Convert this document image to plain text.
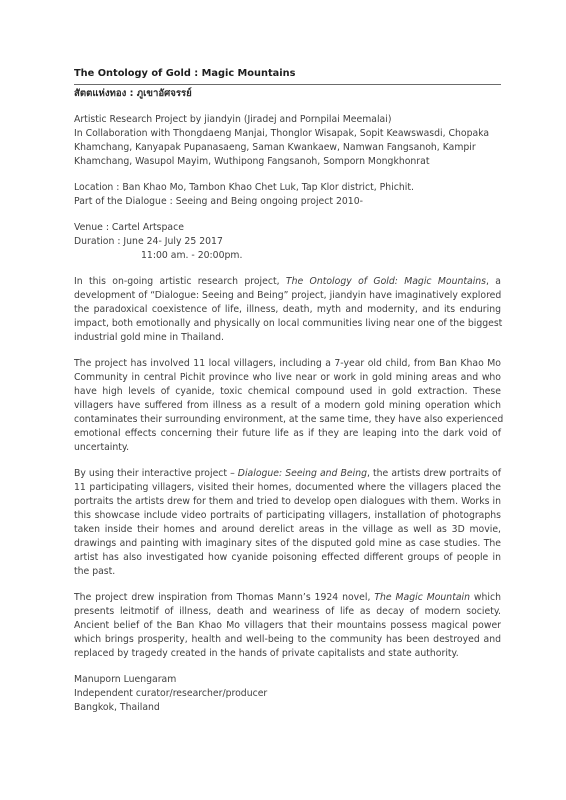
The Ontology of Gold : Magic Mountains
สัตตแห่งทอง : ภูเขาอัศจรรย์
Artistic Research Project by jiandyin (Jiradej and Pornpilai Meemalai)
In Collaboration with Thongdaeng Manjai, Thonglor Wisapak, Sopit Keawswasdi, Chopaka
Khamchang, Kanyapak Pupanasaeng, Saman Kwankaew, Namwan Fangsanoh, Kampir
Khamchang, Wasupol Mayim, Wuthipong Fangsanoh, Somporn Mongkhonrat
Location : Ban Khao Mo, Tambon Khao Chet Luk, Tap Klor district, Phichit.
Part of the Dialogue : Seeing and Being ongoing project 2010-
Venue : Cartel Artspace
Duration : June 24- July 25 2017
11:00 am. - 20:00pm.
In this on-going artistic research project, The Ontology of Gold: Magic Mountains, a
development of “Dialogue: Seeing and Being” project, jiandyin have imaginatively explored
the paradoxical coexistence of life, illness, death, myth and modernity, and its enduring
impact, both emotionally and physically on local communities living near one of the biggest
industrial gold mine in Thailand.
The project has involved 11 local villagers, including a 7-year old child, from Ban Khao Mo
Community in central Pichit province who live near or work in gold mining areas and who
have high levels of cyanide, toxic chemical compound used in gold extraction. These
villagers have suffered from illness as a result of a modern gold mining operation which
contaminates their surrounding environment, at the same time, they have also experienced
emotional effects concerning their future life as if they are leaping into the dark void of
uncertainty.
By using their interactive project – Dialogue: Seeing and Being, the artists drew portraits of
11 participating villagers, visited their homes, documented where the villagers placed the
portraits the artists drew for them and tried to develop open dialogues with them. Works in
this showcase include video portraits of participating villagers, installation of photographs
taken inside their homes and around derelict areas in the village as well as 3D movie,
drawings and painting with imaginary sites of the disputed gold mine as case studies. The
artist has also investigated how cyanide poisoning effected different groups of people in
the past.
The project drew inspiration from Thomas Mann’s 1924 novel, The Magic Mountain which
presents leitmotif of illness, death and weariness of life as decay of modern society.
Ancient belief of the Ban Khao Mo villagers that their mountains possess magical power
which brings prosperity, health and well-being to the community has been destroyed and
replaced by tragedy created in the hands of private capitalists and state authority.
Manuporn Luengaram
Independent curator/researcher/producer
Bangkok, Thailand
